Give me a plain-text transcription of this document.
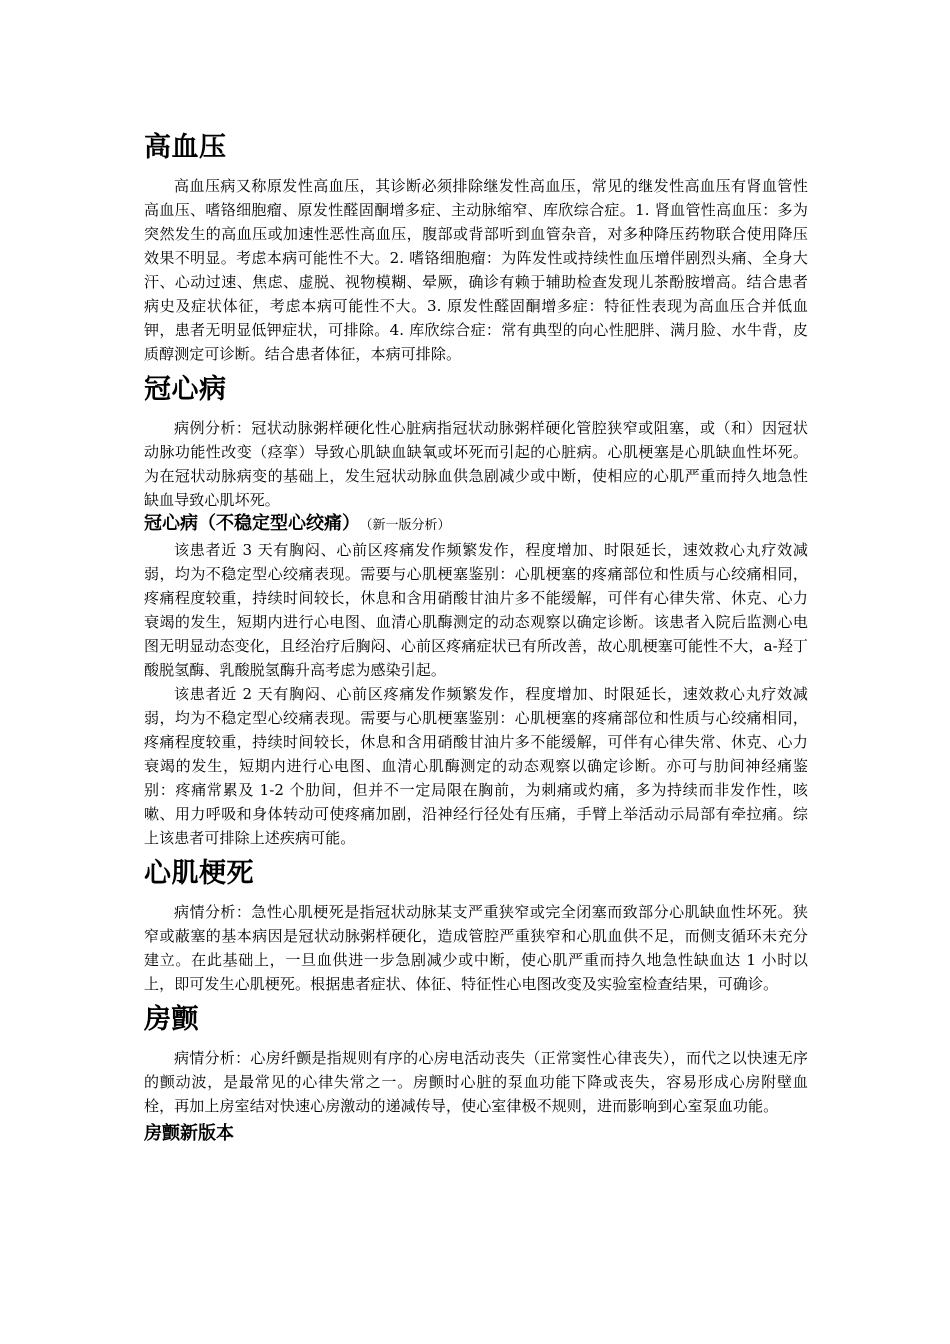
高血压

高血压病又称原发性高血压，其诊断必须排除继发性高血压，常见的继发性高血压有肾血管性高血压、嗜铬细胞瘤、原发性醛固酮增多症、主动脉缩窄、库欣综合症。1. 肾血管性高血压：多为突然发生的高血压或加速性恶性高血压，腹部或背部听到血管杂音，对多种降压药物联合使用降压效果不明显。考虑本病可能性不大。2. 嗜铬细胞瘤：为阵发性或持续性血压增伴剧烈头痛、全身大汗、心动过速、焦虑、虚脱、视物模糊、晕厥，确诊有赖于辅助检查发现儿茶酚胺增高。结合患者病史及症状体征，考虑本病可能性不大。3. 原发性醛固酮增多症：特征性表现为高血压合并低血钾，患者无明显低钾症状，可排除。4. 库欣综合症：常有典型的向心性肥胖、满月脸、水牛背，皮质醇测定可诊断。结合患者体征，本病可排除。

冠心病

病例分析：冠状动脉粥样硬化性心脏病指冠状动脉粥样硬化管腔狭窄或阻塞，或（和）因冠状动脉功能性改变（痉挛）导致心肌缺血缺氧或坏死而引起的心脏病。心肌梗塞是心肌缺血性坏死。为在冠状动脉病变的基础上，发生冠状动脉血供急剧减少或中断，使相应的心肌严重而持久地急性缺血导致心肌坏死。

冠心病（不稳定型心绞痛） （新一版分析）

该患者近 3 天有胸闷、心前区疼痛发作频繁发作，程度增加、时限延长，速效救心丸疗效减弱，均为不稳定型心绞痛表现。需要与心肌梗塞鉴别：心肌梗塞的疼痛部位和性质与心绞痛相同，疼痛程度较重，持续时间较长，休息和含用硝酸甘油片多不能缓解，可伴有心律失常、休克、心力衰竭的发生，短期内进行心电图、血清心肌酶测定的动态观察以确定诊断。该患者入院后监测心电图无明显动态变化，且经治疗后胸闷、心前区疼痛症状已有所改善，故心肌梗塞可能性不大，a-羟丁酸脱氢酶、乳酸脱氢酶升高考虑为感染引起。

该患者近 2 天有胸闷、心前区疼痛发作频繁发作，程度增加、时限延长，速效救心丸疗效减弱，均为不稳定型心绞痛表现。需要与心肌梗塞鉴别：心肌梗塞的疼痛部位和性质与心绞痛相同，疼痛程度较重，持续时间较长，休息和含用硝酸甘油片多不能缓解，可伴有心律失常、休克、心力衰竭的发生，短期内进行心电图、血清心肌酶测定的动态观察以确定诊断。亦可与肋间神经痛鉴别：疼痛常累及 1-2 个肋间，但并不一定局限在胸前，为刺痛或灼痛，多为持续而非发作性，咳嗽、用力呼吸和身体转动可使疼痛加剧，沿神经行径处有压痛，手臂上举活动示局部有牵拉痛。综上该患者可排除上述疾病可能。

心肌梗死

病情分析：急性心肌梗死是指冠状动脉某支严重狭窄或完全闭塞而致部分心肌缺血性坏死。狭窄或蔽塞的基本病因是冠状动脉粥样硬化，造成管腔严重狭窄和心肌血供不足，而侧支循环未充分建立。在此基础上，一旦血供进一步急剧减少或中断，使心肌严重而持久地急性缺血达 1 小时以上，即可发生心肌梗死。根据患者症状、体征、特征性心电图改变及实验室检查结果，可确诊。

房颤

病情分析：心房纤颤是指规则有序的心房电活动丧失（正常窦性心律丧失），而代之以快速无序的颤动波，是最常见的心律失常之一。房颤时心脏的泵血功能下降或丧失，容易形成心房附壁血栓，再加上房室结对快速心房激动的递减传导，使心室律极不规则，进而影响到心室泵血功能。

房颤新版本
